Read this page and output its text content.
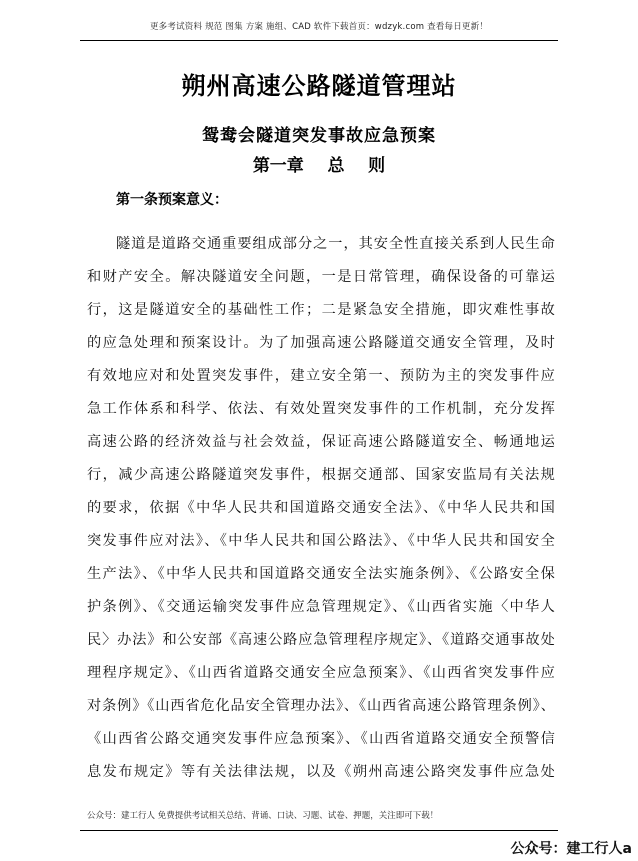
更多考试资料 规范 图集 方案 施组、CAD 软件下载首页：wdzyk.com 查看每日更新！
朔州高速公路隧道管理站
鸳鸯会隧道突发事故应急预案
第一章    总    则
第一条预案意义：
隧道是道路交通重要组成部分之一，其安全性直接关系到人民生命
和财产安全。解决隧道安全问题，一是日常管理，确保设备的可靠运
行，这是隧道安全的基础性工作；二是紧急安全措施，即灾难性事故
的应急处理和预案设计。为了加强高速公路隧道交通安全管理，及时
有效地应对和处置突发事件，建立安全第一、预防为主的突发事件应
急工作体系和科学、依法、有效处置突发事件的工作机制，充分发挥
高速公路的经济效益与社会效益，保证高速公路隧道安全、畅通地运
行，减少高速公路隧道突发事件，根据交通部、国家安监局有关法规
的要求，依据《中华人民共和国道路交通安全法》、《中华人民共和国
突发事件应对法》、《中华人民共和国公路法》、《中华人民共和国安全
生产法》、《中华人民共和国道路交通安全法实施条例》、《公路安全保
护条例》、《交通运输突发事件应急管理规定》、《山西省实施〈中华人
民〉办法》和公安部《高速公路应急管理程序规定》、《道路交通事故处
理程序规定》、《山西省道路交通安全应急预案》、《山西省突发事件应
对条例》《山西省危化品安全管理办法》、《山西省高速公路管理条例》、
《山西省公路交通突发事件应急预案》、《山西省道路交通安全预警信
息发布规定》等有关法律法规，以及《朔州高速公路突发事件应急处
公众号：建工行人 免费提供考试相关总结、背诵、口诀、习题、试卷、押题，关注即可下载！
公众号：建工行人a
